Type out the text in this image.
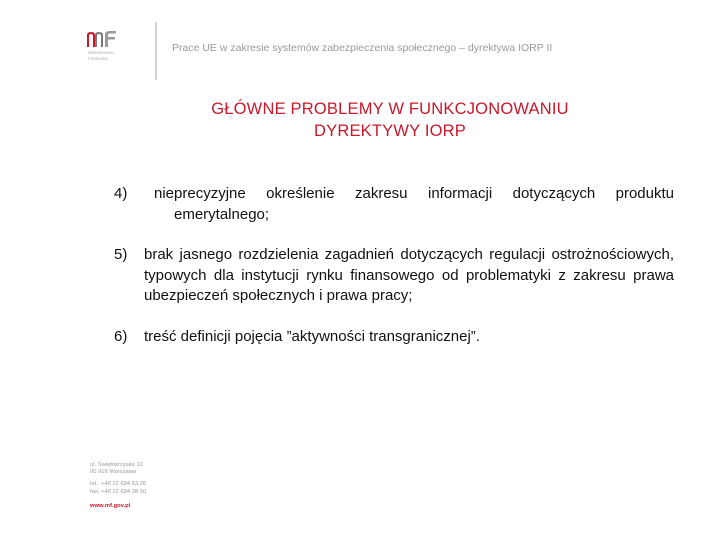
Ministerstwo
Finansów
Prace UE w zakresie systemów zabezpieczenia społecznego – dyrektywa IORP II
GŁÓWNE PROBLEMY W FUNKCJONOWANIU
DYREKTYWY IORP
4) nieprecyzyjne określenie zakresu informacji dotyczących produktu emerytalnego;
5) brak jasnego rozdzielenia zagadnień dotyczących regulacji ostrożnościowych, typowych dla instytucji rynku finansowego od problematyki z zakresu prawa ubezpieczeń społecznych i prawa pracy;
6) treść definicji pojęcia ”aktywności transgranicznej”.
ul. Świętokrzyska 12
00 916 Warszawa
tel.: +48 22 694 53 26
fax: +48 22 694 38 50
www.mf.gov.pl
